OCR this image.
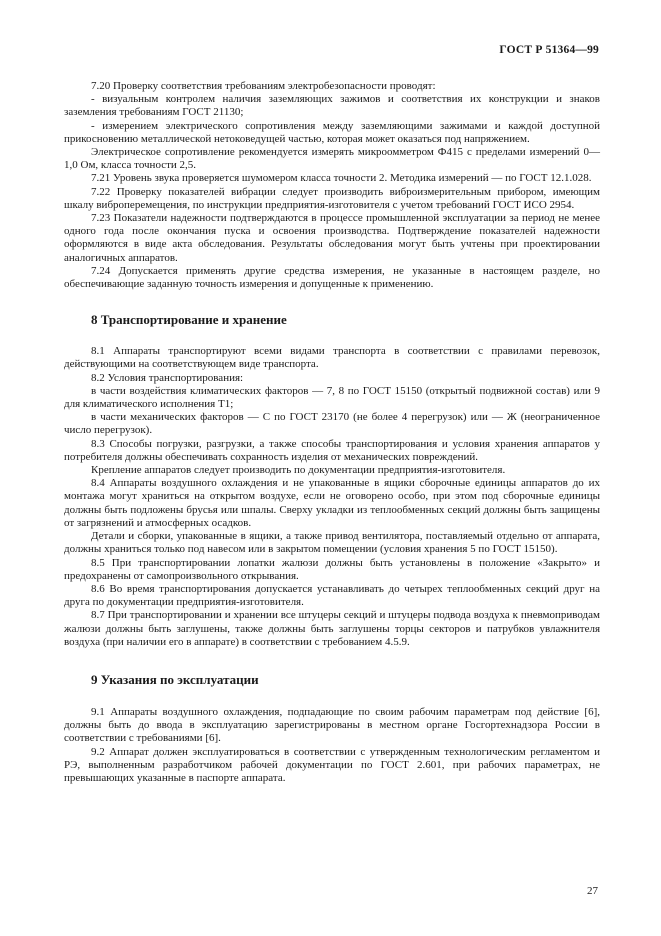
ГОСТ Р 51364—99

7.20 Проверку соответствия требованиям электробезопасности проводят:

- визуальным контролем наличия заземляющих зажимов и соответствия их конструкции и знаков заземления требованиям ГОСТ 21130;

- измерением электрического сопротивления между заземляющими зажимами и каждой доступной прикосновению металлической нетоковедущей частью, которая может оказаться под напряжением.

Электрическое сопротивление рекомендуется измерять микроомметром Ф415 с пределами измерений 0—1,0 Ом, класса точности 2,5.

7.21 Уровень звука проверяется шумомером класса точности 2. Методика измерений — по ГОСТ 12.1.028.

7.22 Проверку показателей вибрации следует производить виброизмерительным прибором, имеющим шкалу виброперемещения, по инструкции предприятия-изготовителя с учетом требований ГОСТ ИСО 2954.

7.23 Показатели надежности подтверждаются в процессе промышленной эксплуатации за период не менее одного года после окончания пуска и освоения производства. Подтверждение показателей надежности оформляются в виде акта обследования. Результаты обследования могут быть учтены при проектировании аналогичных аппаратов.

7.24 Допускается применять другие средства измерения, не указанные в настоящем разделе, но обеспечивающие заданную точность измерения и допущенные к применению.

8 Транспортирование и хранение

8.1 Аппараты транспортируют всеми видами транспорта в соответствии с правилами перевозок, действующими на соответствующем виде транспорта.

8.2 Условия транспортирования:

в части воздействия климатических факторов — 7, 8 по ГОСТ 15150 (открытый подвижной состав) или 9 для климатического исполнения Т1;

в части механических факторов — С по ГОСТ 23170 (не более 4 перегрузок) или — Ж (неограниченное число перегрузок).

8.3 Способы погрузки, разгрузки, а также способы транспортирования и условия хранения аппаратов у потребителя должны обеспечивать сохранность изделия от механических повреждений.

Крепление аппаратов следует производить по документации предприятия-изготовителя.

8.4 Аппараты воздушного охлаждения и не упакованные в ящики сборочные единицы аппаратов до их монтажа могут храниться на открытом воздухе, если не оговорено особо, при этом под сборочные единицы должны быть подложены брусья или шпалы. Сверху укладки из теплообменных секций должны быть защищены от загрязнений и атмосферных осадков.

Детали и сборки, упакованные в ящики, а также привод вентилятора, поставляемый отдельно от аппарата, должны храниться только под навесом или в закрытом помещении (условия хранения 5 по ГОСТ 15150).

8.5 При транспортировании лопатки жалюзи должны быть установлены в положение «Закрыто» и предохранены от самопроизвольного открывания.

8.6 Во время транспортирования допускается устанавливать до четырех теплообменных секций друг на друга по документации предприятия-изготовителя.

8.7 При транспортировании и хранении все штуцеры секций и штуцеры подвода воздуха к пневмоприводам жалюзи должны быть заглушены, также должны быть заглушены торцы секторов и патрубков увлажнителя воздуха (при наличии его в аппарате) в соответствии с требованием 4.5.9.

9 Указания по эксплуатации

9.1 Аппараты воздушного охлаждения, подпадающие по своим рабочим параметрам под действие [6], должны быть до ввода в эксплуатацию зарегистрированы в местном органе Госгортехнадзора России в соответствии с требованиями [6].

9.2 Аппарат должен эксплуатироваться в соответствии с утвержденным технологическим регламентом и РЭ, выполненным разработчиком рабочей документации по ГОСТ 2.601, при рабочих параметрах, не превышающих указанные в паспорте аппарата.

27
